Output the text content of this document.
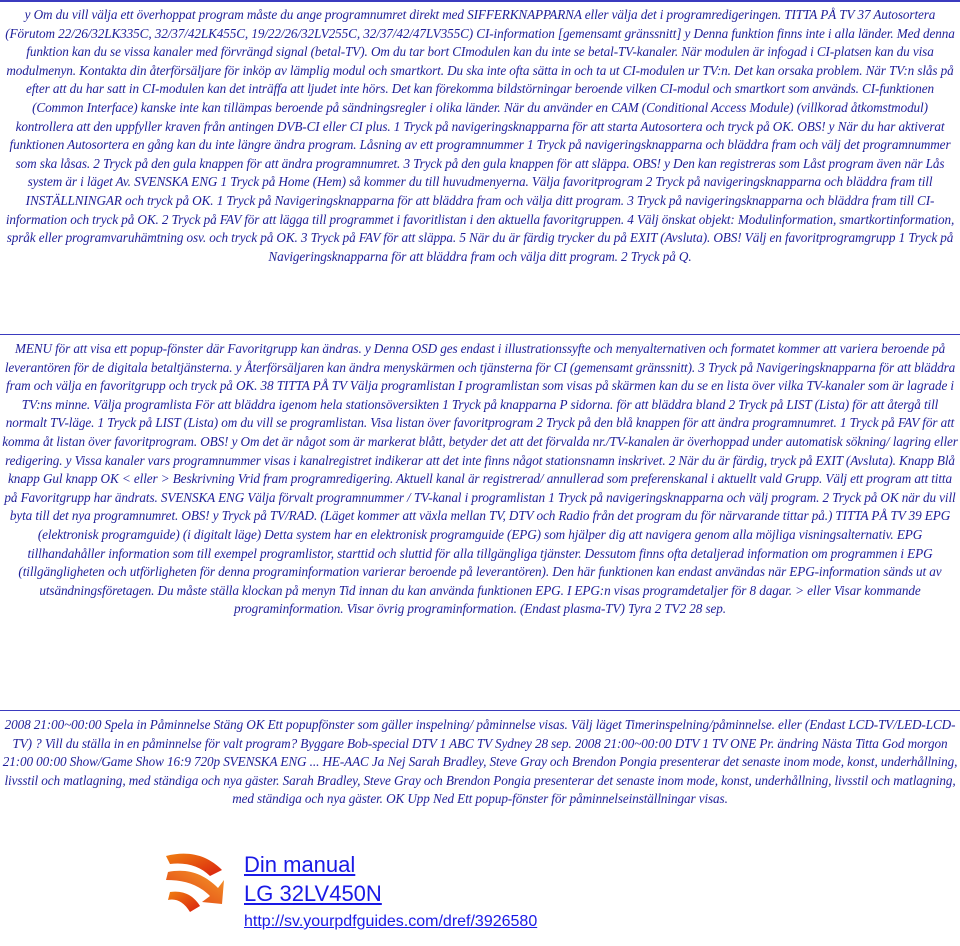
y Om du vill välja ett överhoppat program måste du ange programnumret direkt med SIFFERKNAPPARNA eller välja det i programredigeringen. TITTA PÅ TV 37 Autosortera (Förutom 22/26/32LK335C, 32/37/42LK455C, 19/22/26/32LV255C, 32/37/42/47LV355C) CI-information [gemensamt gränssnitt] y Denna funktion finns inte i alla länder. Med denna funktion kan du se vissa kanaler med förvrängd signal (betal-TV). Om du tar bort CImodulen kan du inte se betal-TV-kanaler. När modulen är infogad i CI-platsen kan du visa modulmenyn. Kontakta din återförsäljare för inköp av lämplig modul och smartkort. Du ska inte ofta sätta in och ta ut CI-modulen ur TV:n. Det kan orsaka problem. När TV:n slås på efter att du har satt in CI-modulen kan det inträffa att ljudet inte hörs. Det kan förekomma bildstörningar beroende vilken CI-modul och smartkort som används. CI-funktionen (Common Interface) kanske inte kan tillämpas beroende på sändningsregler i olika länder. När du använder en CAM (Conditional Access Module) (villkorad åtkomstmodul) kontrollera att den uppfyller kraven från antingen DVB-CI eller CI plus. 1 Tryck på navigeringsknapparna för att starta Autosortera och tryck på OK. OBS! y När du har aktiverat funktionen Autosortera en gång kan du inte längre ändra program. Låsning av ett programnummer 1 Tryck på navigeringsknapparna och bläddra fram och välj det programnummer som ska låsas. 2 Tryck på den gula knappen för att ändra programnumret. 3 Tryck på den gula knappen för att släppa. OBS! y Den kan registreras som Låst program även när Lås system är i läget Av. SVENSKA ENG 1 Tryck på Home (Hem) så kommer du till huvudmenyerna. Välja favoritprogram 2 Tryck på navigeringsknapparna och bläddra fram till INSTÄLLNINGAR och tryck på OK. 1 Tryck på Navigeringsknapparna för att bläddra fram och välja ditt program. 3 Tryck på navigeringsknapparna och bläddra fram till CI-information och tryck på OK. 2 Tryck på FAV för att lägga till programmet i favoritlistan i den aktuella favoritgruppen. 4 Välj önskat objekt: Modulinformation, smartkortinformation, språk eller programvaruhämtning osv. och tryck på OK. 3 Tryck på FAV för att släppa. 5 När du är färdig trycker du på EXIT (Avsluta). OBS! Välj en favoritprogramgrupp 1 Tryck på Navigeringsknapparna för att bläddra fram och välja ditt program. 2 Tryck på Q.

MENU för att visa ett popup-fönster där Favoritgrupp kan ändras. y Denna OSD ges endast i illustrationssyfte och menyalternativen och formatet kommer att variera beroende på leverantören för de digitala betaltjänsterna. y Återförsäljaren kan ändra menyskärmen och tjänsterna för CI (gemensamt gränssnitt). 3 Tryck på Navigeringsknapparna för att bläddra fram och välja en favoritgrupp och tryck på OK. 38 TITTA PÅ TV Välja programlistan I programlistan som visas på skärmen kan du se en lista över vilka TV-kanaler som är lagrade i TV:ns minne. Välja programlista För att bläddra igenom hela stationsöversikten 1 Tryck på knapparna P sidorna. för att bläddra bland 2 Tryck på LIST (Lista) för att återgå till normalt TV-läge. 1 Tryck på LIST (Lista) om du vill se programlistan. Visa listan över favoritprogram 2 Tryck på den blå knappen för att ändra programnumret. 1 Tryck på FAV för att komma åt listan över favoritprogram. OBS! y Om det är något som är markerat blått, betyder det att det förvalda nr./TV-kanalen är överhoppad under automatisk sökning/ lagring eller redigering. y Vissa kanaler vars programnummer visas i kanalregistret indikerar att det inte finns något stationsnamn inskrivet. 2 När du är färdig, tryck på EXIT (Avsluta). Knapp Blå knapp Gul knapp OK < eller > Beskrivning Vrid fram programredigering. Aktuell kanal är registrerad/ annullerad som preferenskanal i aktuellt vald Grupp. Välj ett program att titta på Favoritgrupp har ändrats. SVENSKA ENG Välja förvalt programnummer / TV-kanal i programlistan 1 Tryck på navigeringsknapparna och välj program. 2 Tryck på OK när du vill byta till det nya programnumret. OBS! y Tryck på TV/RAD. (Läget kommer att växla mellan TV, DTV och Radio från det program du för närvarande tittar på.) TITTA PÅ TV 39 EPG (elektronisk programguide) (i digitalt läge) Detta system har en elektronisk programguide (EPG) som hjälper dig att navigera genom alla möjliga visningsalternativ. EPG tillhandahåller information som till exempel programlistor, starttid och sluttid för alla tillgängliga tjänster. Dessutom finns ofta detaljerad information om programmen i EPG (tillgängligheten och utförligheten för denna programinformation varierar beroende på leverantören). Den här funktionen kan endast användas när EPG-information sänds ut av utsändningsföretagen. Du måste ställa klockan på menyn Tid innan du kan använda funktionen EPG. I EPG:n visas programdetaljer för 8 dagar. > eller Visar kommande programinformation. Visar övrig programinformation. (Endast plasma-TV) Tyra 2 TV2 28 sep.

2008 21:00~00:00 Spela in Påminnelse Stäng OK Ett popupfönster som gäller inspelning/ påminnelse visas. Välj läget Timerinspelning/påminnelse. eller (Endast LCD-TV/LED-LCD-TV) ? Vill du ställa in en påminnelse för valt program? Byggare Bob-special DTV 1 ABC TV Sydney 28 sep. 2008 21:00~00:00 DTV 1 TV ONE Pr. ändring Nästa Titta God morgon 21:00 00:00 Show/Game Show 16:9 720p SVENSKA ENG ... HE-AAC Ja Nej Sarah Bradley, Steve Gray och Brendon Pongia presenterar det senaste inom mode, konst, underhållning, livsstil och matlagning, med ständiga och nya gäster. Sarah Bradley, Steve Gray och Brendon Pongia presenterar det senaste inom mode, konst, underhållning, livsstil och matlagning, med ständiga och nya gäster. OK Upp Ned Ett popup-fönster för påminnelseinställningar visas.

Din manual
LG 32LV450N
http://sv.yourpdfguides.com/dref/3926580
